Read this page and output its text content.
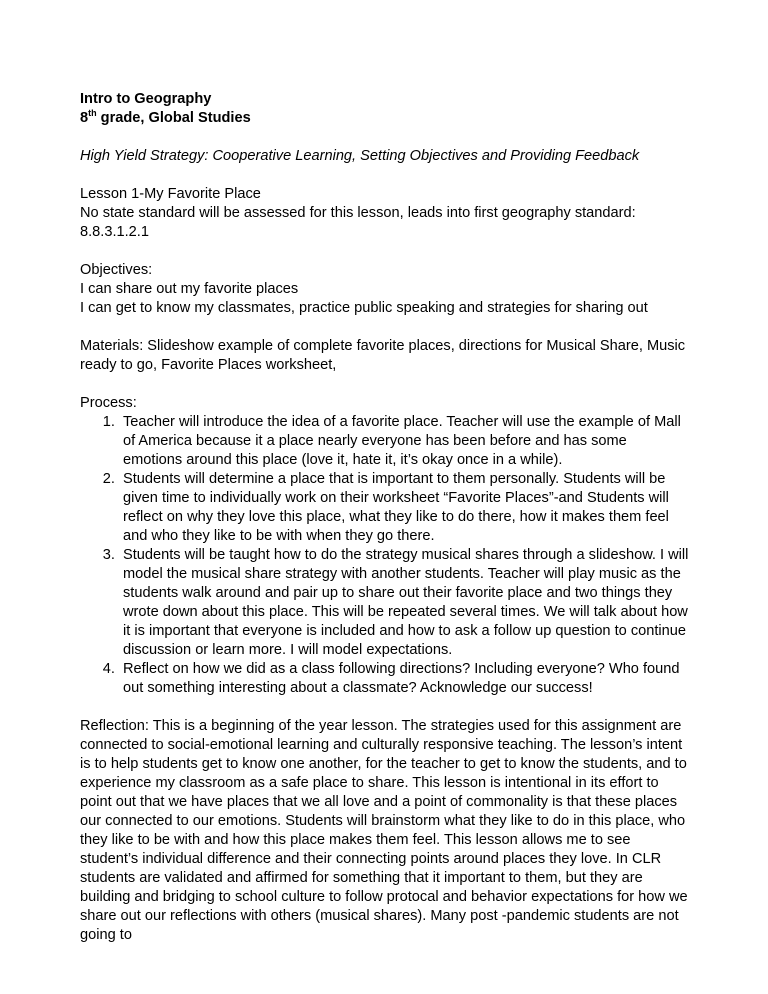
Intro to Geography

8th grade, Global Studies

High Yield Strategy: Cooperative Learning, Setting Objectives and Providing Feedback

Lesson 1-My Favorite Place

No state standard will be assessed for this lesson, leads into first geography standard:

8.8.3.1.2.1

Objectives:

I can share out my favorite places

I can get to know my classmates, practice public speaking and strategies for sharing out

Materials: Slideshow example of complete favorite places, directions for Musical Share, Music ready to go, Favorite Places worksheet,

Process:

1. Teacher will introduce the idea of a favorite place. Teacher will use the example of Mall of America because it a place nearly everyone has been before and has some emotions around this place (love it, hate it, it’s okay once in a while).
2. Students will determine a place that is important to them personally. Students will be given time to individually work on their worksheet “Favorite Places”-and Students will reflect on why they love this place, what they like to do there, how it makes them feel and who they like to be with when they go there.
3. Students will be taught how to do the strategy musical shares through a slideshow. I will model the musical share strategy with another students. Teacher will play music as the students walk around and pair up to share out their favorite place and two things they wrote down about this place. This will be repeated several times. We will talk about how it is important that everyone is included and how to ask a follow up question to continue discussion or learn more. I will model expectations.
4. Reflect on how we did as a class following directions? Including everyone? Who found out something interesting about a classmate? Acknowledge our success!

Reflection: This is a beginning of the year lesson. The strategies used for this assignment are connected to social-emotional learning and culturally responsive teaching. The lesson’s intent is to help students get to know one another, for the teacher to get to know the students, and to experience my classroom as a safe place to share. This lesson is intentional in its effort to point out that we have places that we all love and a point of commonality is that these places our connected to our emotions. Students will brainstorm what they like to do in this place, who they like to be with and how this place makes them feel. This lesson allows me to see student’s individual difference and their connecting points around places they love. In CLR students are validated and affirmed for something that it important to them, but they are building and bridging to school culture to follow protocal and behavior expectations for how we share out our reflections with others (musical shares). Many post -pandemic students are not going to
